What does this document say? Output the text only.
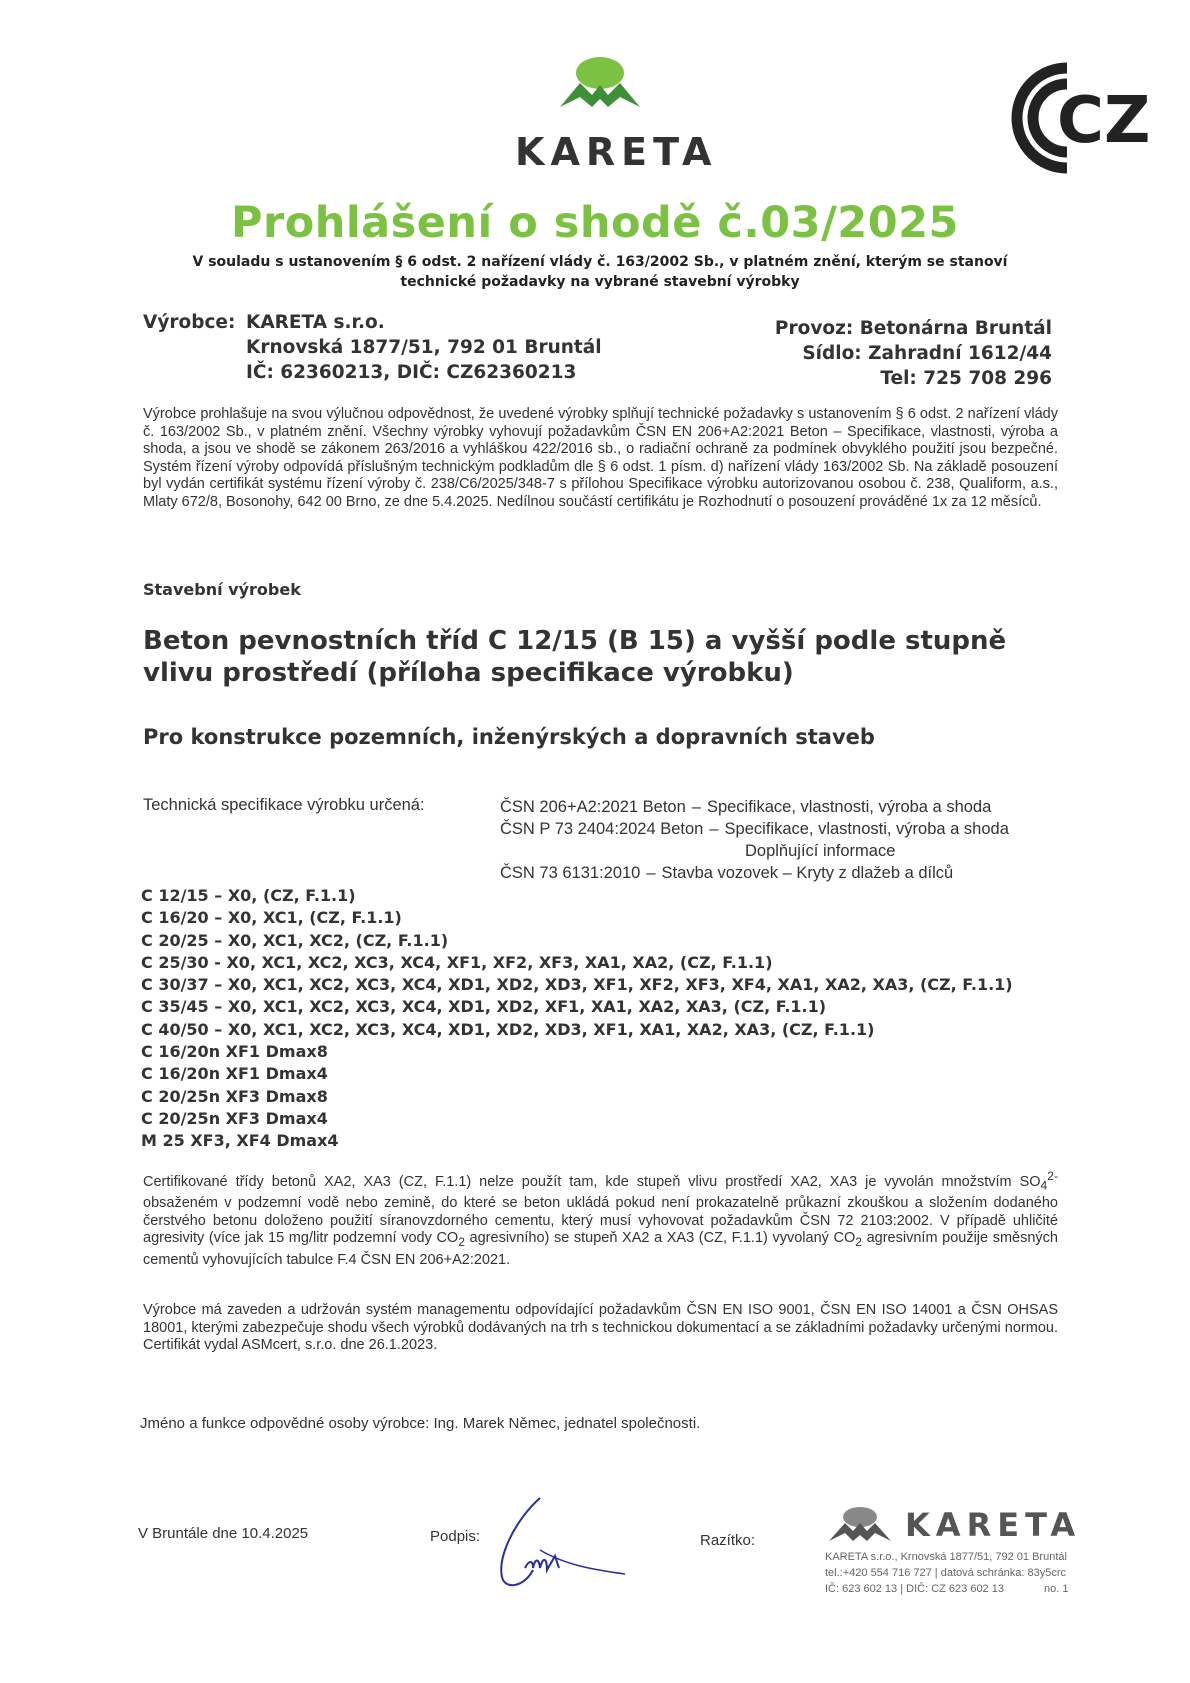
KARETA	CZ
Prohlášení o shodě č.03/2025
V souladu s ustanovením § 6 odst. 2 nařízení vlády č. 163/2002 Sb., v platném znění, kterým se stanoví technické požadavky na vybrané stavební výrobky
Výrobce: KARETA s.r.o.
Krnovská 1877/51, 792 01 Bruntál
IČ: 62360213, DIČ: CZ62360213
Provoz: Betonárna Bruntál
Sídlo: Zahradní 1612/44
Tel: 725 708 296
Výrobce prohlašuje na svou výlučnou odpovědnost, že uvedené výrobky splňují technické požadavky s ustanovením § 6 odst. 2 nařízení vlády č. 163/2002 Sb., v platném znění. Všechny výrobky vyhovují požadavkům ČSN EN 206+A2:2021 Beton – Specifikace, vlastnosti, výroba a shoda, a jsou ve shodě se zákonem 263/2016 a vyhláškou 422/2016 sb., o radiační ochraně za podmínek obvyklého použití jsou bezpečné. Systém řízení výroby odpovídá příslušným technickým podkladům dle § 6 odst. 1 písm. d) nařízení vlády 163/2002 Sb. Na základě posouzení byl vydán certifikát systému řízení výroby č. 238/C6/2025/348-7 s přílohou Specifikace výrobku autorizovanou osobou č. 238, Qualiform, a.s., Mlaty 672/8, Bosonohy, 642 00 Brno, ze dne 5.4.2025. Nedílnou součástí certifikátu je Rozhodnutí o posouzení prováděné 1x za 12 měsíců.
Stavební výrobek
Beton pevnostních tříd C 12/15 (B 15) a vyšší podle stupně vlivu prostředí (příloha specifikace výrobku)
Pro konstrukce pozemních, inženýrských a dopravních staveb
Technická specifikace výrobku určená:	ČSN 206+A2:2021 Beton – Specifikace, vlastnosti, výroba a shoda
ČSN P 73 2404:2024 Beton – Specifikace, vlastnosti, výroba a shoda
Doplňující informace
ČSN 73 6131:2010 – Stavba vozovek – Kryty z dlažeb a dílců
C 12/15 – X0, (CZ, F.1.1)
C 16/20 – X0, XC1, (CZ, F.1.1)
C 20/25 – X0, XC1, XC2, (CZ, F.1.1)
C 25/30 - X0, XC1, XC2, XC3, XC4, XF1, XF2, XF3, XA1, XA2, (CZ, F.1.1)
C 30/37 – X0, XC1, XC2, XC3, XC4, XD1, XD2, XD3, XF1, XF2, XF3, XF4, XA1, XA2, XA3, (CZ, F.1.1)
C 35/45 – X0, XC1, XC2, XC3, XC4, XD1, XD2, XF1, XA1, XA2, XA3, (CZ, F.1.1)
C 40/50 – X0, XC1, XC2, XC3, XC4, XD1, XD2, XD3, XF1, XA1, XA2, XA3, (CZ, F.1.1)
C 16/20n XF1 Dmax8
C 16/20n XF1 Dmax4
C 20/25n XF3 Dmax8
C 20/25n XF3 Dmax4
M 25 XF3, XF4 Dmax4
Certifikované třídy betonů XA2, XA3 (CZ, F.1.1) nelze použít tam, kde stupeň vlivu prostředí XA2, XA3 je vyvolán množstvím $SO_4^{2-}$ obsaženém v podzemní vodě nebo zemině, do které se beton ukládá pokud není prokazatelně průkazní zkouškou a složením dodaného čerstvého betonu doloženo použití síranovzdorného cementu, který musí vyhovovat požadavkům ČSN 72 2103:2002. V případě uhličité agresivity (více jak 15 mg/litr podzemní vody $CO_2$ agresivního) se stupeň XA2 a XA3 (CZ, F.1.1) vyvolaný $CO_2$ agresivním použije směsných cementů vyhovujících tabulce F.4 ČSN EN 206+A2:2021.
Výrobce má zaveden a udržován systém managementu odpovídající požadavkům ČSN EN ISO 9001, ČSN EN ISO 14001 a ČSN OHSAS 18001, kterými zabezpečuje shodu všech výrobků dodávaných na trh s technickou dokumentací a se základními požadavky určenými normou. Certifikát vydal ASMcert, s.r.o. dne 26.1.2023.
Jméno a funkce odpovědné osoby výrobce: Ing. Marek Němec, jednatel společnosti.
V Bruntále dne 10.4.2025	Podpis:	Razítko:	KARETA
KARETA s.r.o., Krnovská 1877/51, 792 01 Bruntál
tel.:+420 554 716 727 | datová schránka: 83y5crc
IČ: 623 602 13 | DIČ: CZ 623 602 13	no. 1
